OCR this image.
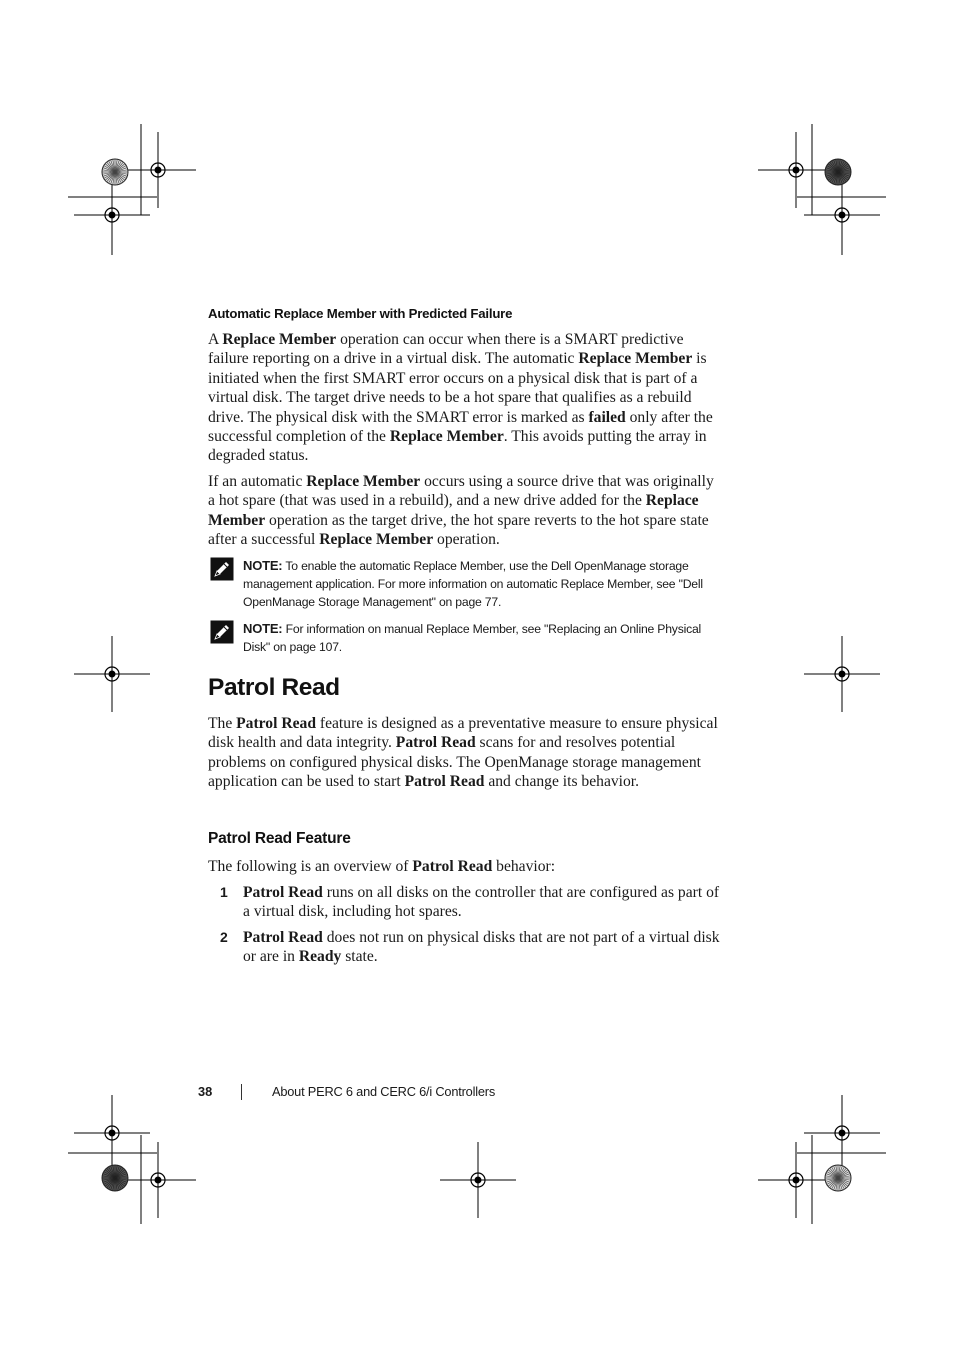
Automatic Replace Member with Predicted Failure
A Replace Member operation can occur when there is a SMART predictive failure reporting on a drive in a virtual disk. The automatic Replace Member is initiated when the first SMART error occurs on a physical disk that is part of a virtual disk. The target drive needs to be a hot spare that qualifies as a rebuild drive. The physical disk with the SMART error is marked as failed only after the successful completion of the Replace Member. This avoids putting the array in degraded status.
If an automatic Replace Member occurs using a source drive that was originally a hot spare (that was used in a rebuild), and a new drive added for the Replace Member operation as the target drive, the hot spare reverts to the hot spare state after a successful Replace Member operation.
NOTE: To enable the automatic Replace Member, use the Dell OpenManage storage management application. For more information on automatic Replace Member, see "Dell OpenManage Storage Management" on page 77.
NOTE: For information on manual Replace Member, see "Replacing an Online Physical Disk" on page 107.
Patrol Read
The Patrol Read feature is designed as a preventative measure to ensure physical disk health and data integrity. Patrol Read scans for and resolves potential problems on configured physical disks. The OpenManage storage management application can be used to start Patrol Read and change its behavior.
Patrol Read Feature
The following is an overview of Patrol Read behavior:
1 Patrol Read runs on all disks on the controller that are configured as part of a virtual disk, including hot spares.
2 Patrol Read does not run on physical disks that are not part of a virtual disk or are in Ready state.
38	About PERC 6 and CERC 6/i Controllers
